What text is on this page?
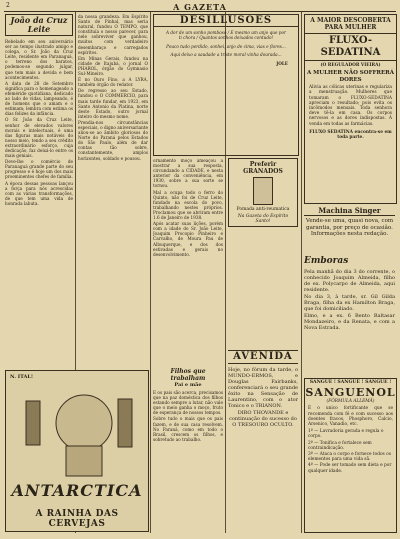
2	A GAZETA
João da Cruz Leite

Rebelado em seu aniversário ser ao tempo ilustrado amigo e colega, o Sr. João da Cruz Leite, residente em Paranaguá, o terreno dos baratos, podemos-se segundo julgar, que tem mais a devida e bem acontecimentos.

A data de 28 de Setembro significa para o homenageado a efeméride quotidiana, dedicado ao lado de vidas, lampeando, é de homens que o amam e o estimam; lembra com estima os dias felizes da infância.

O Sr. João da Cruz Leite, senhor de elevados valores morais e intelectuais, é uma das figuras mais notáveis do nosso meio, tendo a seu crédito extraordinário esforço, cuja dedicação, faz deixá-lo entre os mais geniais.

Deve-lhe o comércio de Paranaguá grande parte do seu progresso e é hoje um dos mais proeminentes chefes de família.

A época dessas pessoas lançou a força para nós acrescidas com as várias transformações, de que tem uma vida de honrada labuta.

da nossa grandeza. Em Espírito Santo de Pinhal, mas seria natural, fundou O TEMPO, que constituía o nosso parecer, para nele sobreviver que ganhou, muitos com verdadeiro desembaraço e carregados espíritos.

Em Minas Gerais, fundou na cidade de Itajubá, o jornal O PHAROL, órgão do Gymnasio Sul-Mineiro.

É no Ouro Fino, a A LYRA, também órgão do redator.

De regresso ao seu Estado, fundou o O COMMERCIO, para mais tarde fundar, em 1923, em Santo Antonio da Platina, norte deste Estado, outro jornal inteiro do mesmo nome.

Prendia-nos circunstâncias especiais, o digno aniversariante aliou-se ao âmbito gloriosos do Norte do Paraná pelos Estados do São Paulo, além de dar contas tão sobre, constantemente, amplos horizontes, soldado e pousou.

DESILLUSÕES

A dor de um sonho pomboso / E mesmo um anjo que por ti chora / Quantos sonhos deixados contudo!

Pouco tudo perdido, sonhei, anjo de cima, vias e flores...

Aqui deixo a saudade a triste moral vinha dourada...

JOLE

ornamento moço ameaçou a mostrar a sua resposta, circundando a CIDADE, e nesta anterior da conveniência, em 1930, sobre a sua sorte se tornou.

Mal a ocupa todo o ferro do Quinto, não foi de Cruz Leite, fundado na escola do povo, trabalhando nestes próprios. Proclamou que se abriram entre 1.6 de Janeiro de 1938.

Após acatar suas lições, porém com a idade do Sr. João Leite, Joaquim Procopio Pinheiro e Carvalho, de Moura Pau de Albuquerque, e dos dos estivadas e gerais no desenvolvimento.

Preferir GRANADOS
Pomada anti-reumatica
Na Gazeta do Espírito Santo!
AVENIDA

Hoje, no fórum da tarde, o MUNDO-ERMOS, e Douglas Fairbanks, conferenciará o seu grande êxito na Sensação de Laurentino, com o ator Tonico e o TRIANON.

DIRO THOVANDE e continuação do sucesso do O TRESOURO OCULTO.

Filhos que trabalham
Pai e mãe

E os pais são acerca, precisamos que na paz doméstica dos filhos estando sempre a lutar, não vale que o meio ganha o moço, fruto de esperança de nossos tempos.

Sobre tudo o mais que os pais fazem, e de sua casa resolvem. No Paraná, como em todo o Brasil, crescem os filhos, e sobretudo ao trabalho.

N. ITAL!
ANTARCTICA
A RAINHA DAS CERVEJAS
A MAIOR DESCOBERTA PARA MULHER
FLUXO-SEDATINA
(O REGULADOR VIEIRA)
A MULHER NÃO SOFFRERÁ DORES
Alivia as cólicas uterinas e regulariza a menstruação. Mulheres que tomaram o FLUXO-SEDATINA apreciam o resultado; pois evita os incômodos mensais. Toda senhora deve tê-la em casa. Os corpos nervosos e as dores indispostas. À venda em todas as farmácias.
FLUXO SEDATINA encontra-se em toda parte.
Machina Singer

Vende-se uma, quasi nova, com garantia, por preço de ocasião. Informações nesta redação.

Emboras

Pela manhã do dia 3 do corrente, o conhecido Joaquim Almeida, filho de ex. Polycarpo de Almeida, aqui residente.

No dia 3, à tarde, sr. Gil Gilda Braga, filha da ex Hamilton Braga, que foi domiciliado.

Elmo, e a ex. 6 Bento Baltasar Mondazeiro, e da Renata, e com a Nova Estrada.

SANGUE ! SANGUE ! SANGUE !
SANGUENOL
(FÓRMULA ALLEMÃ)

É o unico fortificante que se recomenda com fé e com sucesso aos doentes fracos, Phosphoro, Calcio, Arsenico, Vanadio, etc.

1º — Lavradoria gerada e regula o corpo.

2º — Tonifica e fortalece sem contraindicação.

3º — Ataca o corpo e fornece todos os elementos para uma vida sã.

4º — Pode ser tomado sem dieta e por qualquer idade.
